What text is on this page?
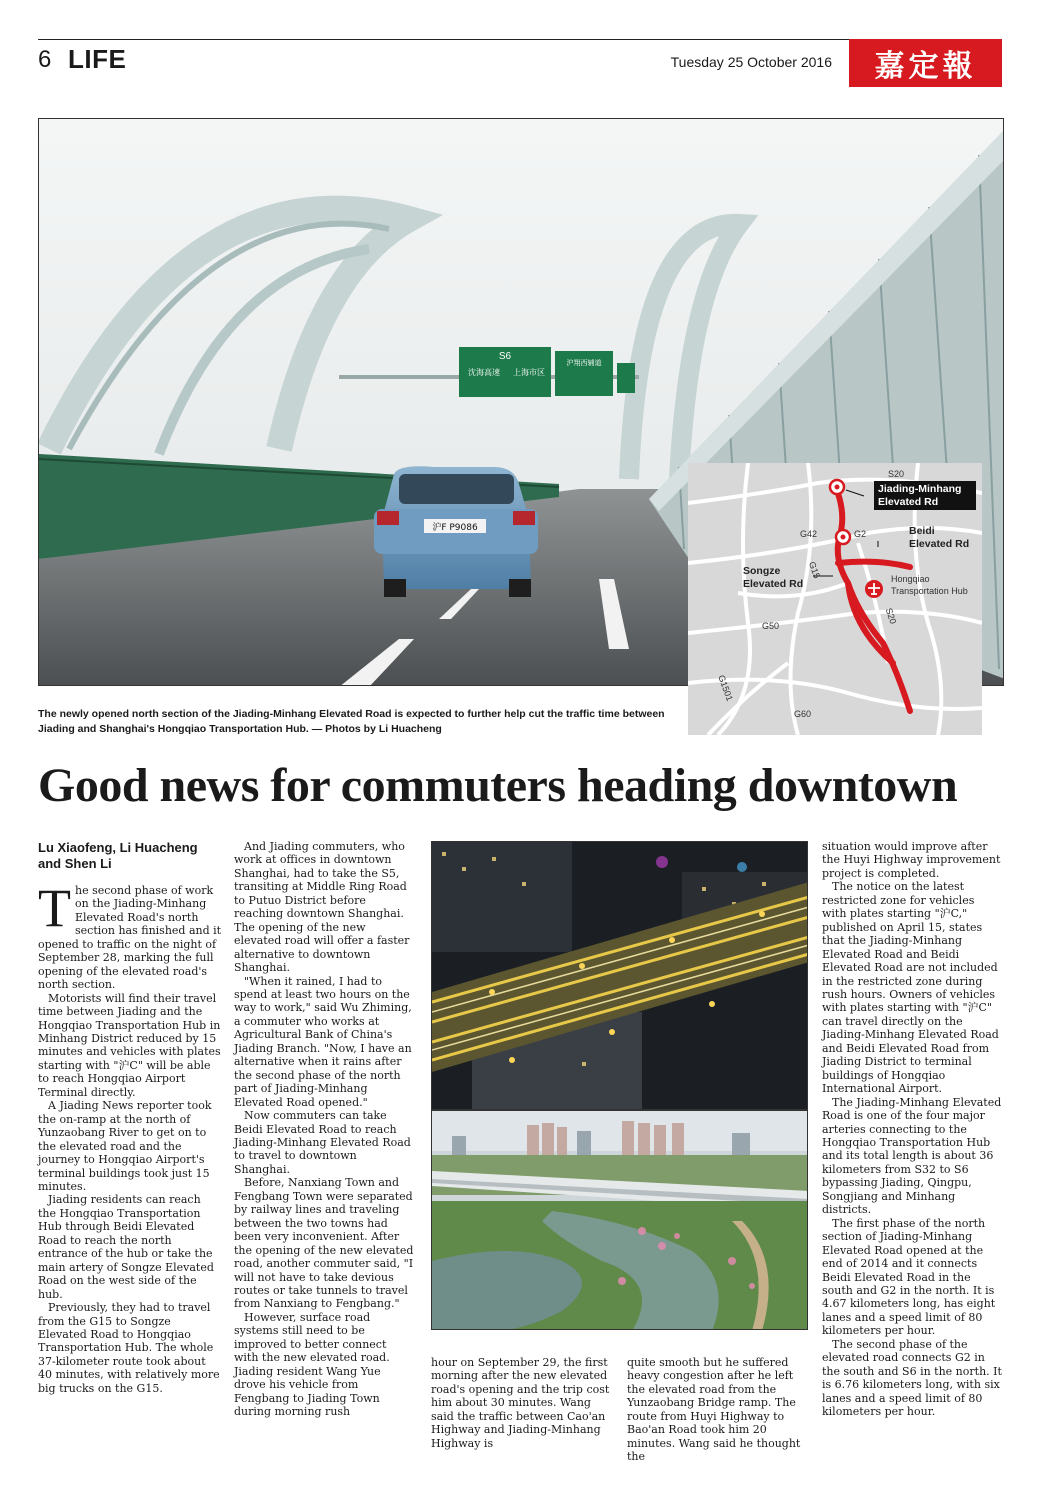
6 LIFE	Tuesday 25 October 2016	嘉定報
S6
沈海高速 上海市区
沪翔西辅道
沪F P9086
S20
Jiading-Minhang Elevated Rd
G42	G2	Beidi Elevated Rd
Songze Elevated Rd
G15	Hongqiao Transportation Hub
S20
G50
G1501
G60
The newly opened north section of the Jiading-Minhang Elevated Road is expected to further help cut the traffic time between Jiading and Shanghai's Hongqiao Transportation Hub. — Photos by Li Huacheng
Good news for commuters heading downtown
Lu Xiaofeng, Li Huacheng and Shen Li

The second phase of work on the Jiading-Minhang Elevated Road's north section has finished and it opened to traffic on the night of September 28, marking the full opening of the elevated road's north section.

Motorists will find their travel time between Jiading and the Hongqiao Transportation Hub in Minhang District reduced by 15 minutes and vehicles with plates starting with "沪C" will be able to reach Hongqiao Airport Terminal directly.

A Jiading News reporter took the on-ramp at the north of Yunzaobang River to get on to the elevated road and the journey to Hongqiao Airport's terminal buildings took just 15 minutes.

Jiading residents can reach the Hongqiao Transportation Hub through Beidi Elevated Road to reach the north entrance of the hub or take the main artery of Songze Elevated Road on the west side of the hub.

Previously, they had to travel from the G15 to Songze Elevated Road to Hongqiao Transportation Hub. The whole 37-kilometer route took about 40 minutes, with relatively more big trucks on the G15.

And Jiading commuters, who work at offices in downtown Shanghai, had to take the S5, transiting at Middle Ring Road to Putuo District before reaching downtown Shanghai. The opening of the new elevated road will offer a faster alternative to downtown Shanghai.

"When it rained, I had to spend at least two hours on the way to work," said Wu Zhiming, a commuter who works at Agricultural Bank of China's Jiading Branch. "Now, I have an alternative when it rains after the second phase of the north part of Jiading-Minhang Elevated Road opened."

Now commuters can take Beidi Elevated Road to reach Jiading-Minhang Elevated Road to travel to downtown Shanghai.

Before, Nanxiang Town and Fengbang Town were separated by railway lines and traveling between the two towns had been very inconvenient. After the opening of the new elevated road, another commuter said, "I will not have to take devious routes or take tunnels to travel from Nanxiang to Fengbang."

However, surface road systems still need to be improved to better connect with the new elevated road. Jiading resident Wang Yue drove his vehicle from Fengbang to Jiading Town during morning rush

hour on September 29, the first morning after the new elevated road's opening and the trip cost him about 30 minutes. Wang said the traffic between Cao'an Highway and Jiading-Minhang Highway is

quite smooth but he suffered heavy congestion after he left the elevated road from the Yunzaobang Bridge ramp. The route from Huyi Highway to Bao'an Road took him 20 minutes. Wang said he thought the

situation would improve after the Huyi Highway improvement project is completed.

The notice on the latest restricted zone for vehicles with plates starting "沪C," published on April 15, states that the Jiading-Minhang Elevated Road and Beidi Elevated Road are not included in the restricted zone during rush hours. Owners of vehicles with plates starting with "沪C" can travel directly on the Jiading-Minhang Elevated Road and Beidi Elevated Road from Jiading District to terminal buildings of Hongqiao International Airport.

The Jiading-Minhang Elevated Road is one of the four major arteries connecting to the Hongqiao Transportation Hub and its total length is about 36 kilometers from S32 to S6 bypassing Jiading, Qingpu, Songjiang and Minhang districts.

The first phase of the north section of Jiading-Minhang Elevated Road opened at the end of 2014 and it connects Beidi Elevated Road in the south and G2 in the north. It is 4.67 kilometers long, has eight lanes and a speed limit of 80 kilometers per hour.

The second phase of the elevated road connects G2 in the south and S6 in the north. It is 6.76 kilometers long, with six lanes and a speed limit of 80 kilometers per hour.
